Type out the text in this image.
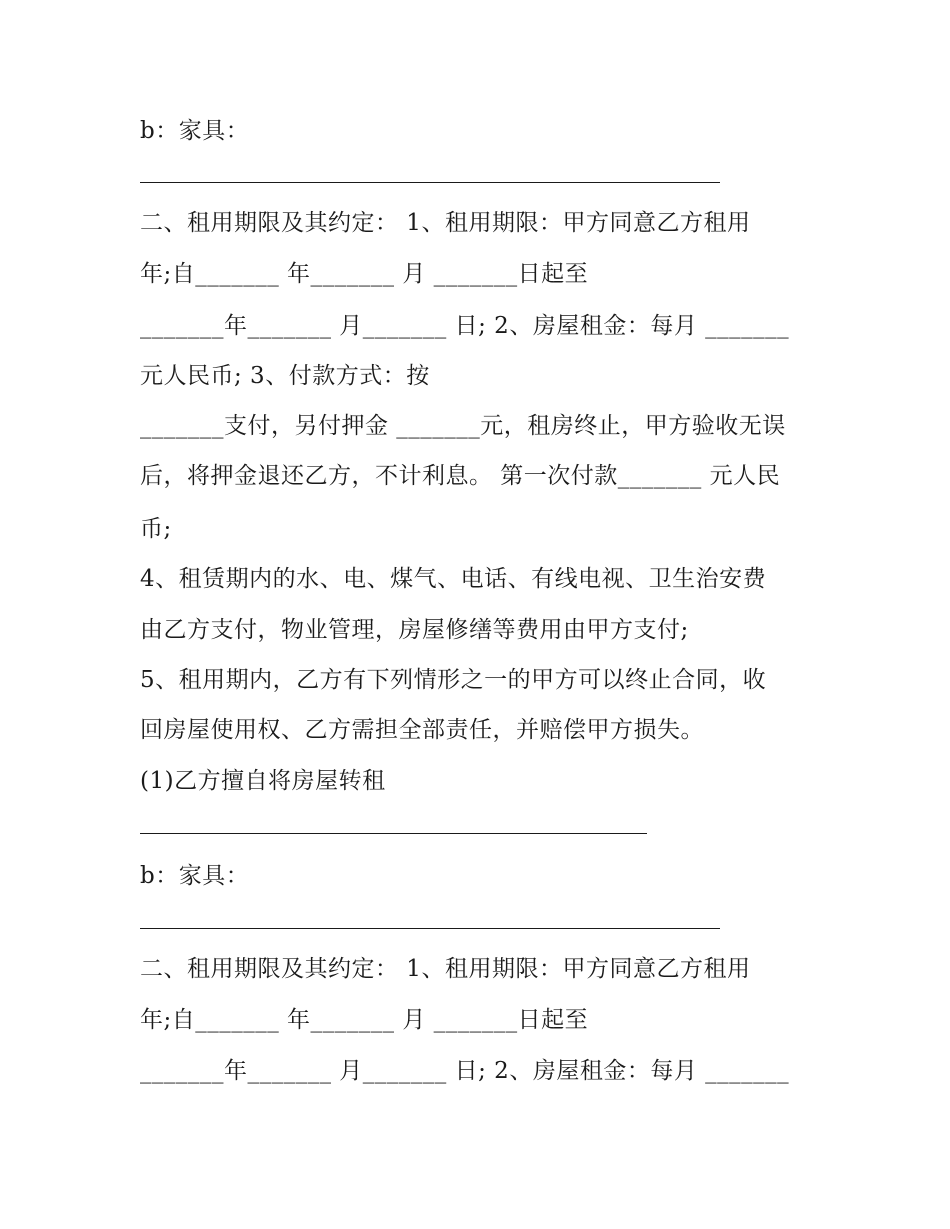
b：家具：
二、租用期限及其约定： 1、租用期限：甲方同意乙方租用
年;自_______ 年_______ 月 _______日起至
_______年_______ 月_______ 日; 2、房屋租金：每月 _______
元人民币; 3、付款方式：按
_______支付，另付押金 _______元，租房终止，甲方验收无误
后，将押金退还乙方，不计利息。 第一次付款_______ 元人民
币;
4、租赁期内的水、电、煤气、电话、有线电视、卫生治安费
由乙方支付，物业管理，房屋修缮等费用由甲方支付;
5、租用期内，乙方有下列情形之一的甲方可以终止合同，收
回房屋使用权、乙方需担全部责任，并赔偿甲方损失。
(1)乙方擅自将房屋转租
b：家具：
二、租用期限及其约定： 1、租用期限：甲方同意乙方租用
年;自_______ 年_______ 月 _______日起至
_______年_______ 月_______ 日; 2、房屋租金：每月 _______
